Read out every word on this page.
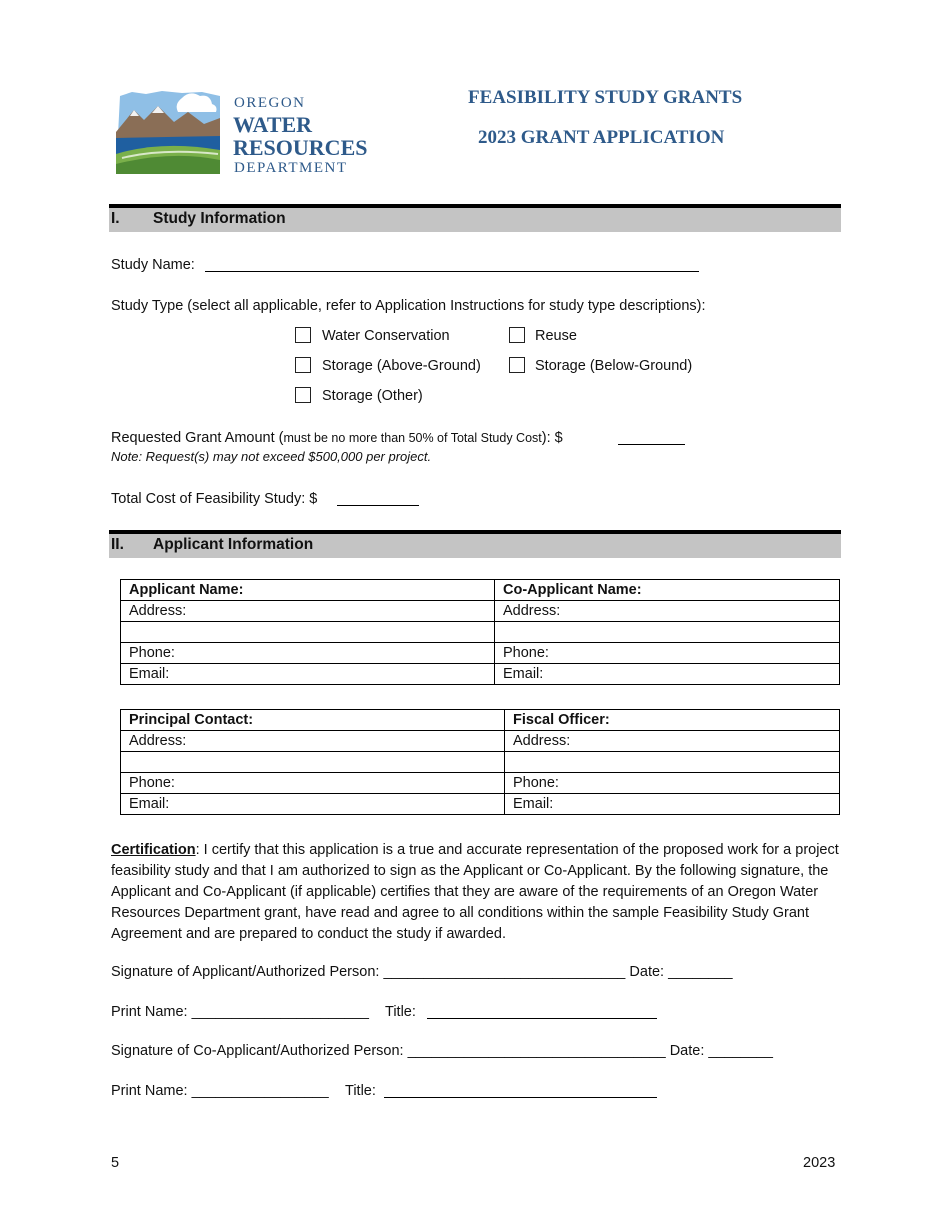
OREGON
WATER
RESOURCES
DEPARTMENT
FEASIBILITY STUDY GRANTS
2023 GRANT APPLICATION
I. Study Information
Study Name:
Study Type (select all applicable, refer to Application Instructions for study type descriptions):
Water Conservation	Reuse
Storage (Above-Ground)	Storage (Below-Ground)
Storage (Other)
Requested Grant Amount (must be no more than 50% of Total Study Cost): $
Note: Request(s) may not exceed $500,000 per project.
Total Cost of Feasibility Study: $
II. Applicant Information
Applicant Name:	Co-Applicant Name:
Address:	Address:

Phone:	Phone:
Email:	Email:
Principal Contact:	Fiscal Officer:
Address:	Address:

Phone:	Phone:
Email:	Email:
Certification: I certify that this application is a true and accurate representation of the proposed work for a project feasibility study and that I am authorized to sign as the Applicant or Co-Applicant. By the following signature, the Applicant and Co-Applicant (if applicable) certifies that they are aware of the requirements of an Oregon Water Resources Department grant, have read and agree to all conditions within the sample Feasibility Study Grant Agreement and are prepared to conduct the study if awarded.
Signature of Applicant/Authorized Person: ______________________________ Date: ________
Print Name: ______________________ Title:
Signature of Co-Applicant/Authorized Person: ________________________________ Date: ________
Print Name: _________________ Title:
5	2023
